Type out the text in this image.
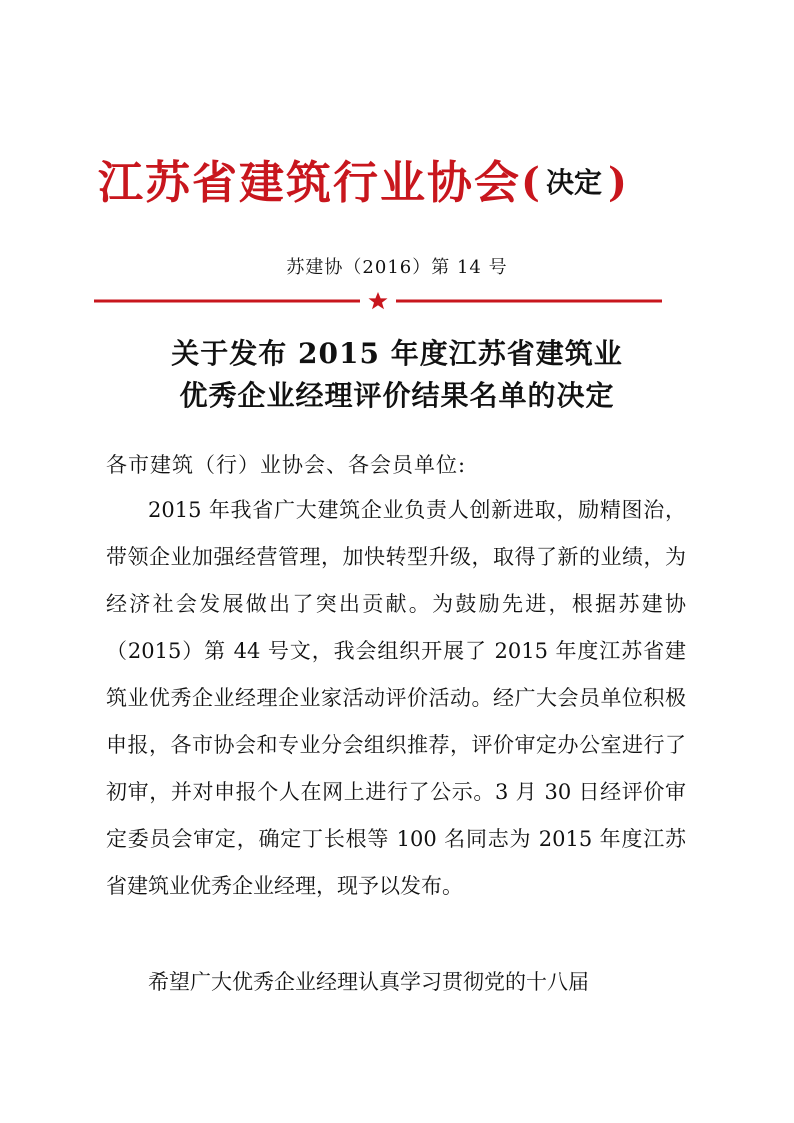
江苏省建筑行业协会( 决定 )
苏建协（2016）第 14 号

关于发布 2015 年度江苏省建筑业

优秀企业经理评价结果名单的决定

各市建筑（行）业协会、各会员单位:

2015 年我省广大建筑企业负责人创新进取，励精图治，带领企业加强经营管理，加快转型升级，取得了新的业绩，为经济社会发展做出了突出贡献。为鼓励先进，根据苏建协（2015）第 44 号文，我会组织开展了 2015 年度江苏省建筑业优秀企业经理企业家活动评价活动。经广大会员单位积极申报，各市协会和专业分会组织推荐，评价审定办公室进行了初审，并对申报个人在网上进行了公示。3 月 30 日经评价审定委员会审定，确定丁长根等 100 名同志为 2015 年度江苏省建筑业优秀企业经理，现予以发布。

希望广大优秀企业经理认真学习贯彻党的十八届
